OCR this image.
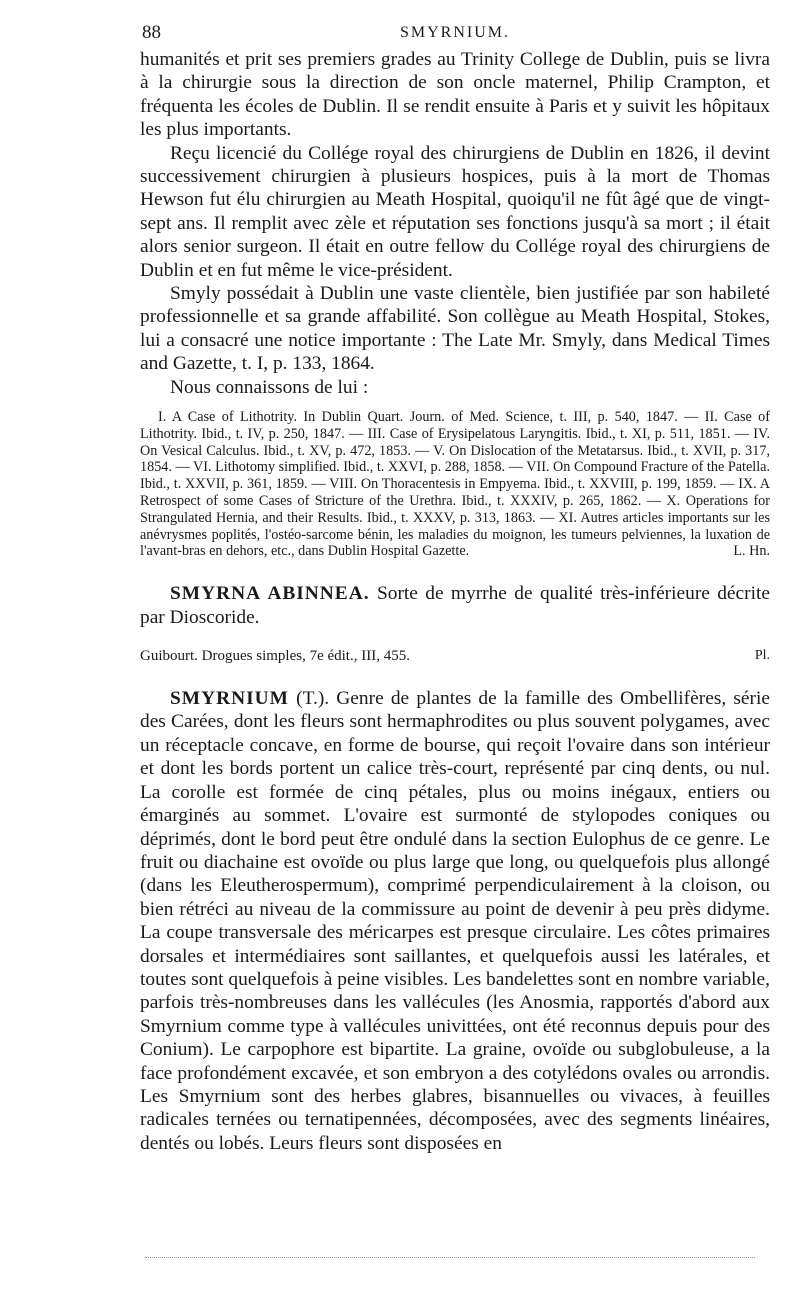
88	SMYRNIUM.

humanités et prit ses premiers grades au Trinity College de Dublin, puis se livra à la chirurgie sous la direction de son oncle maternel, Philip Crampton, et fréquenta les écoles de Dublin. Il se rendit ensuite à Paris et y suivit les hôpitaux les plus importants.

Reçu licencié du Collége royal des chirurgiens de Dublin en 1826, il devint successivement chirurgien à plusieurs hospices, puis à la mort de Thomas Hewson fut élu chirurgien au Meath Hospital, quoiqu'il ne fût âgé que de vingt-sept ans. Il remplit avec zèle et réputation ses fonctions jusqu'à sa mort ; il était alors senior surgeon. Il était en outre fellow du Collége royal des chirurgiens de Dublin et en fut même le vice-président.

Smyly possédait à Dublin une vaste clientèle, bien justifiée par son habileté professionnelle et sa grande affabilité. Son collègue au Meath Hospital, Stokes, lui a consacré une notice importante : The Late Mr. Smyly, dans Medical Times and Gazette, t. I, p. 133, 1864.

Nous connaissons de lui :

I. A Case of Lithotrity. In Dublin Quart. Journ. of Med. Science, t. III, p. 540, 1847. — II. Case of Lithotrity. Ibid., t. IV, p. 250, 1847. — III. Case of Erysipelatous Laryngitis. Ibid., t. XI, p. 511, 1851. — IV. On Vesical Calculus. Ibid., t. XV, p. 472, 1853. — V. On Dislocation of the Metatarsus. Ibid., t. XVII, p. 317, 1854. — VI. Lithotomy simplified. Ibid., t. XXVI, p. 288, 1858. — VII. On Compound Fracture of the Patella. Ibid., t. XXVII, p. 361, 1859. — VIII. On Thoracentesis in Empyema. Ibid., t. XXVIII, p. 199, 1859. — IX. A Retrospect of some Cases of Stricture of the Urethra. Ibid., t. XXXIV, p. 265, 1862. — X. Operations for Strangulated Hernia, and their Results. Ibid., t. XXXV, p. 313, 1863. — XI. Autres articles importants sur les anévrysmes poplités, l'ostéo-sarcome bénin, les maladies du moignon, les tumeurs pelviennes, la luxation de l'avant-bras en dehors, etc., dans Dublin Hospital Gazette.	L. Hn.

SMYRNA ABINNEA. Sorte de myrrhe de qualité très-inférieure décrite par Dioscoride.

Guibourt. Drogues simples, 7e édit., III, 455.	Pl.

SMYRNIUM (T.). Genre de plantes de la famille des Ombellifères, série des Carées, dont les fleurs sont hermaphrodites ou plus souvent polygames, avec un réceptacle concave, en forme de bourse, qui reçoit l'ovaire dans son intérieur et dont les bords portent un calice très-court, représenté par cinq dents, ou nul. La corolle est formée de cinq pétales, plus ou moins inégaux, entiers ou émarginés au sommet. L'ovaire est surmonté de stylopodes coniques ou déprimés, dont le bord peut être ondulé dans la section Eulophus de ce genre. Le fruit ou diachaine est ovoïde ou plus large que long, ou quelquefois plus allongé (dans les Eleutherospermum), comprimé perpendiculairement à la cloison, ou bien rétréci au niveau de la commissure au point de devenir à peu près didyme. La coupe transversale des méricarpes est presque circulaire. Les côtes primaires dorsales et intermédiaires sont saillantes, et quelquefois aussi les latérales, et toutes sont quelquefois à peine visibles. Les bandelettes sont en nombre variable, parfois très-nombreuses dans les vallécules (les Anosmia, rapportés d'abord aux Smyrnium comme type à vallécules univittées, ont été reconnus depuis pour des Conium). Le carpophore est bipartite. La graine, ovoïde ou subglobuleuse, a la face profondément excavée, et son embryon a des cotylédons ovales ou arrondis. Les Smyrnium sont des herbes glabres, bisannuelles ou vivaces, à feuilles radicales ternées ou ternatipennées, décomposées, avec des segments linéaires, dentés ou lobés. Leurs fleurs sont disposées en
